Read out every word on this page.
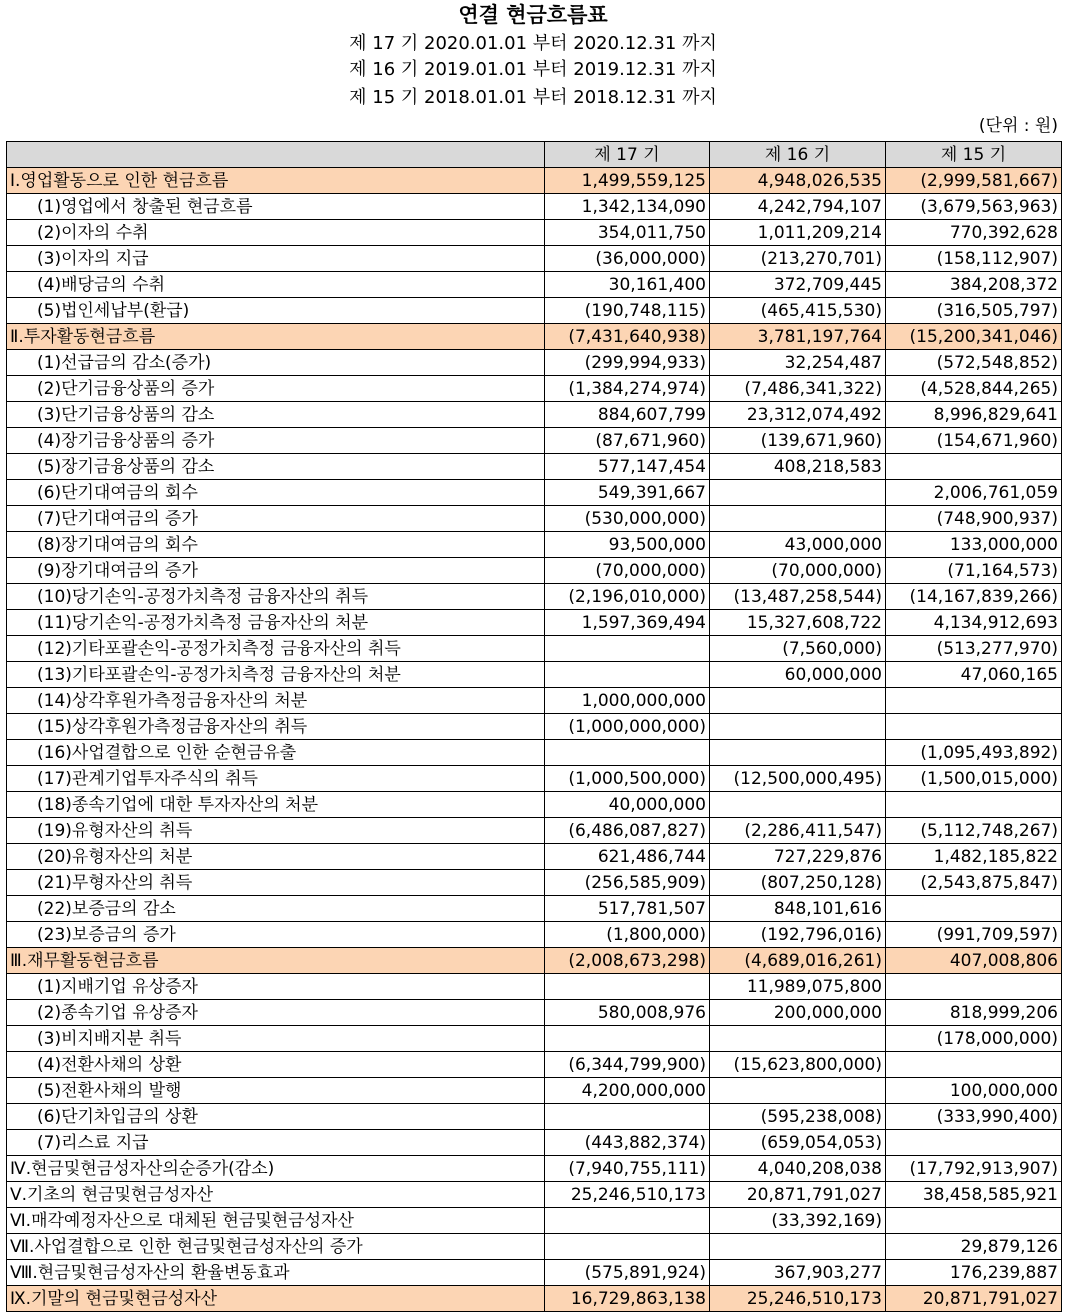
연결 현금흐름표
제 17 기 2020.01.01 부터 2020.12.31 까지
제 16 기 2019.01.01 부터 2019.12.31 까지
제 15 기 2018.01.01 부터 2018.12.31 까지
(단위 : 원)
	제 17 기	제 16 기	제 15 기
Ⅰ.영업활동으로 인한 현금흐름	1,499,559,125	4,948,026,535	(2,999,581,667)
(1)영업에서 창출된 현금흐름	1,342,134,090	4,242,794,107	(3,679,563,963)
(2)이자의 수취	354,011,750	1,011,209,214	770,392,628
(3)이자의 지급	(36,000,000)	(213,270,701)	(158,112,907)
(4)배당금의 수취	30,161,400	372,709,445	384,208,372
(5)법인세납부(환급)	(190,748,115)	(465,415,530)	(316,505,797)
Ⅱ.투자활동현금흐름	(7,431,640,938)	3,781,197,764	(15,200,341,046)
(1)선급금의 감소(증가)	(299,994,933)	32,254,487	(572,548,852)
(2)단기금융상품의 증가	(1,384,274,974)	(7,486,341,322)	(4,528,844,265)
(3)단기금융상품의 감소	884,607,799	23,312,074,492	8,996,829,641
(4)장기금융상품의 증가	(87,671,960)	(139,671,960)	(154,671,960)
(5)장기금융상품의 감소	577,147,454	408,218,583	
(6)단기대여금의 회수	549,391,667		2,006,761,059
(7)단기대여금의 증가	(530,000,000)		(748,900,937)
(8)장기대여금의 회수	93,500,000	43,000,000	133,000,000
(9)장기대여금의 증가	(70,000,000)	(70,000,000)	(71,164,573)
(10)당기손익-공정가치측정 금융자산의 취득	(2,196,010,000)	(13,487,258,544)	(14,167,839,266)
(11)당기손익-공정가치측정 금융자산의 처분	1,597,369,494	15,327,608,722	4,134,912,693
(12)기타포괄손익-공정가치측정 금융자산의 취득		(7,560,000)	(513,277,970)
(13)기타포괄손익-공정가치측정 금융자산의 처분		60,000,000	47,060,165
(14)상각후원가측정금융자산의 처분	1,000,000,000		
(15)상각후원가측정금융자산의 취득	(1,000,000,000)		
(16)사업결합으로 인한 순현금유출			(1,095,493,892)
(17)관계기업투자주식의 취득	(1,000,500,000)	(12,500,000,495)	(1,500,015,000)
(18)종속기업에 대한 투자자산의 처분	40,000,000		
(19)유형자산의 취득	(6,486,087,827)	(2,286,411,547)	(5,112,748,267)
(20)유형자산의 처분	621,486,744	727,229,876	1,482,185,822
(21)무형자산의 취득	(256,585,909)	(807,250,128)	(2,543,875,847)
(22)보증금의 감소	517,781,507	848,101,616	
(23)보증금의 증가	(1,800,000)	(192,796,016)	(991,709,597)
Ⅲ.재무활동현금흐름	(2,008,673,298)	(4,689,016,261)	407,008,806
(1)지배기업 유상증자		11,989,075,800	
(2)종속기업 유상증자	580,008,976	200,000,000	818,999,206
(3)비지배지분 취득			(178,000,000)
(4)전환사채의 상환	(6,344,799,900)	(15,623,800,000)	
(5)전환사채의 발행	4,200,000,000		100,000,000
(6)단기차입금의 상환		(595,238,008)	(333,990,400)
(7)리스료 지급	(443,882,374)	(659,054,053)	
Ⅳ.현금및현금성자산의순증가(감소)	(7,940,755,111)	4,040,208,038	(17,792,913,907)
Ⅴ.기초의 현금및현금성자산	25,246,510,173	20,871,791,027	38,458,585,921
Ⅵ.매각예정자산으로 대체된 현금및현금성자산		(33,392,169)	
Ⅶ.사업결합으로 인한 현금및현금성자산의 증가			29,879,126
Ⅷ.현금및현금성자산의 환율변동효과	(575,891,924)	367,903,277	176,239,887
Ⅸ.기말의 현금및현금성자산	16,729,863,138	25,246,510,173	20,871,791,027
